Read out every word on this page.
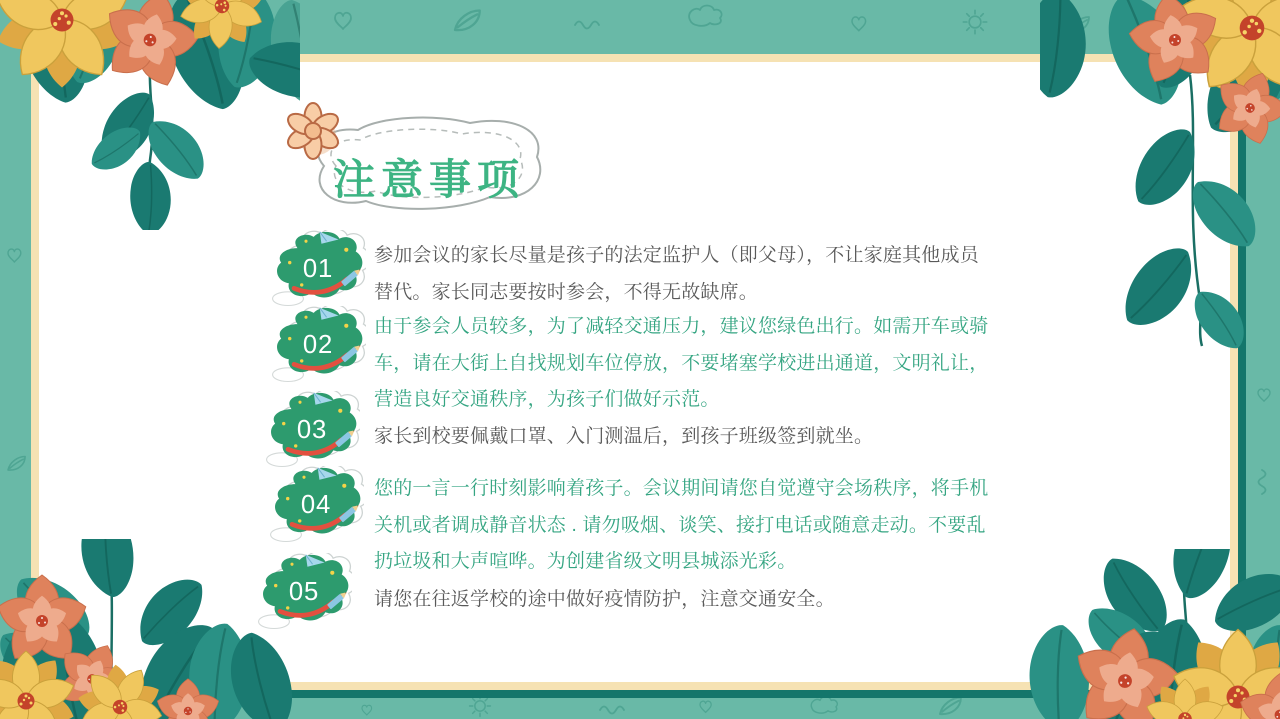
注意事项
01 参加会议的家长尽量是孩子的法定监护人（即父母），不让家庭其他成员替代。家长同志要按时参会，不得无故缺席。
02
由于参会人员较多，为了减轻交通压力，建议您绿色出行。如需开车或骑车，请在大街上自找规划车位停放，不要堵塞学校进出通道，文明礼让，营造良好交通秩序，为孩子们做好示范。
03 家长到校要佩戴口罩、入门测温后，到孩子班级签到就坐。
04
您的一言一行时刻影响着孩子。会议期间请您自觉遵守会场秩序，将手机关机或者调成静音状态 . 请勿吸烟、谈笑、接打电话或随意走动。不要乱扔垃圾和大声喧哗。为创建省级文明县城添光彩。
05	请您在往返学校的途中做好疫情防护，注意交通安全。
